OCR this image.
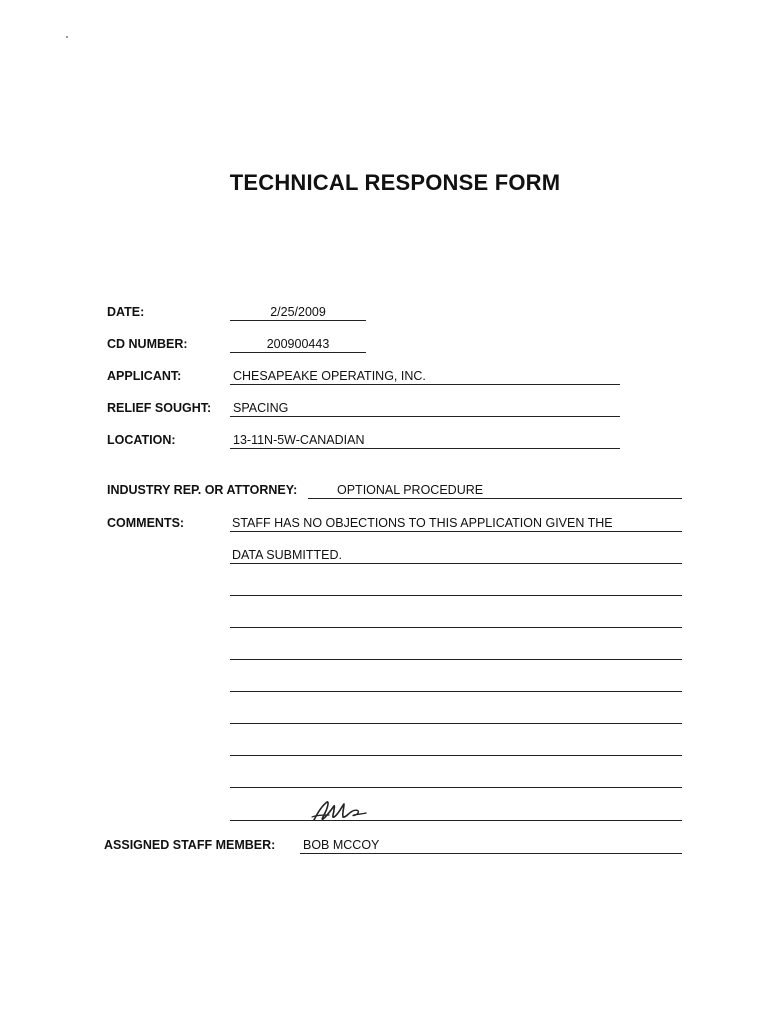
TECHNICAL RESPONSE FORM
DATE:	2/25/2009
CD NUMBER:	200900443
APPLICANT:	CHESAPEAKE OPERATING, INC.
RELIEF SOUGHT: SPACING
LOCATION:	13-11N-5W-CANADIAN
INDUSTRY REP. OR ATTORNEY:	OPTIONAL PROCEDURE
COMMENTS:	STAFF HAS NO OBJECTIONS TO THIS APPLICATION GIVEN THE
DATA SUBMITTED.
ASSIGNED STAFF MEMBER: BOB MCCOY
